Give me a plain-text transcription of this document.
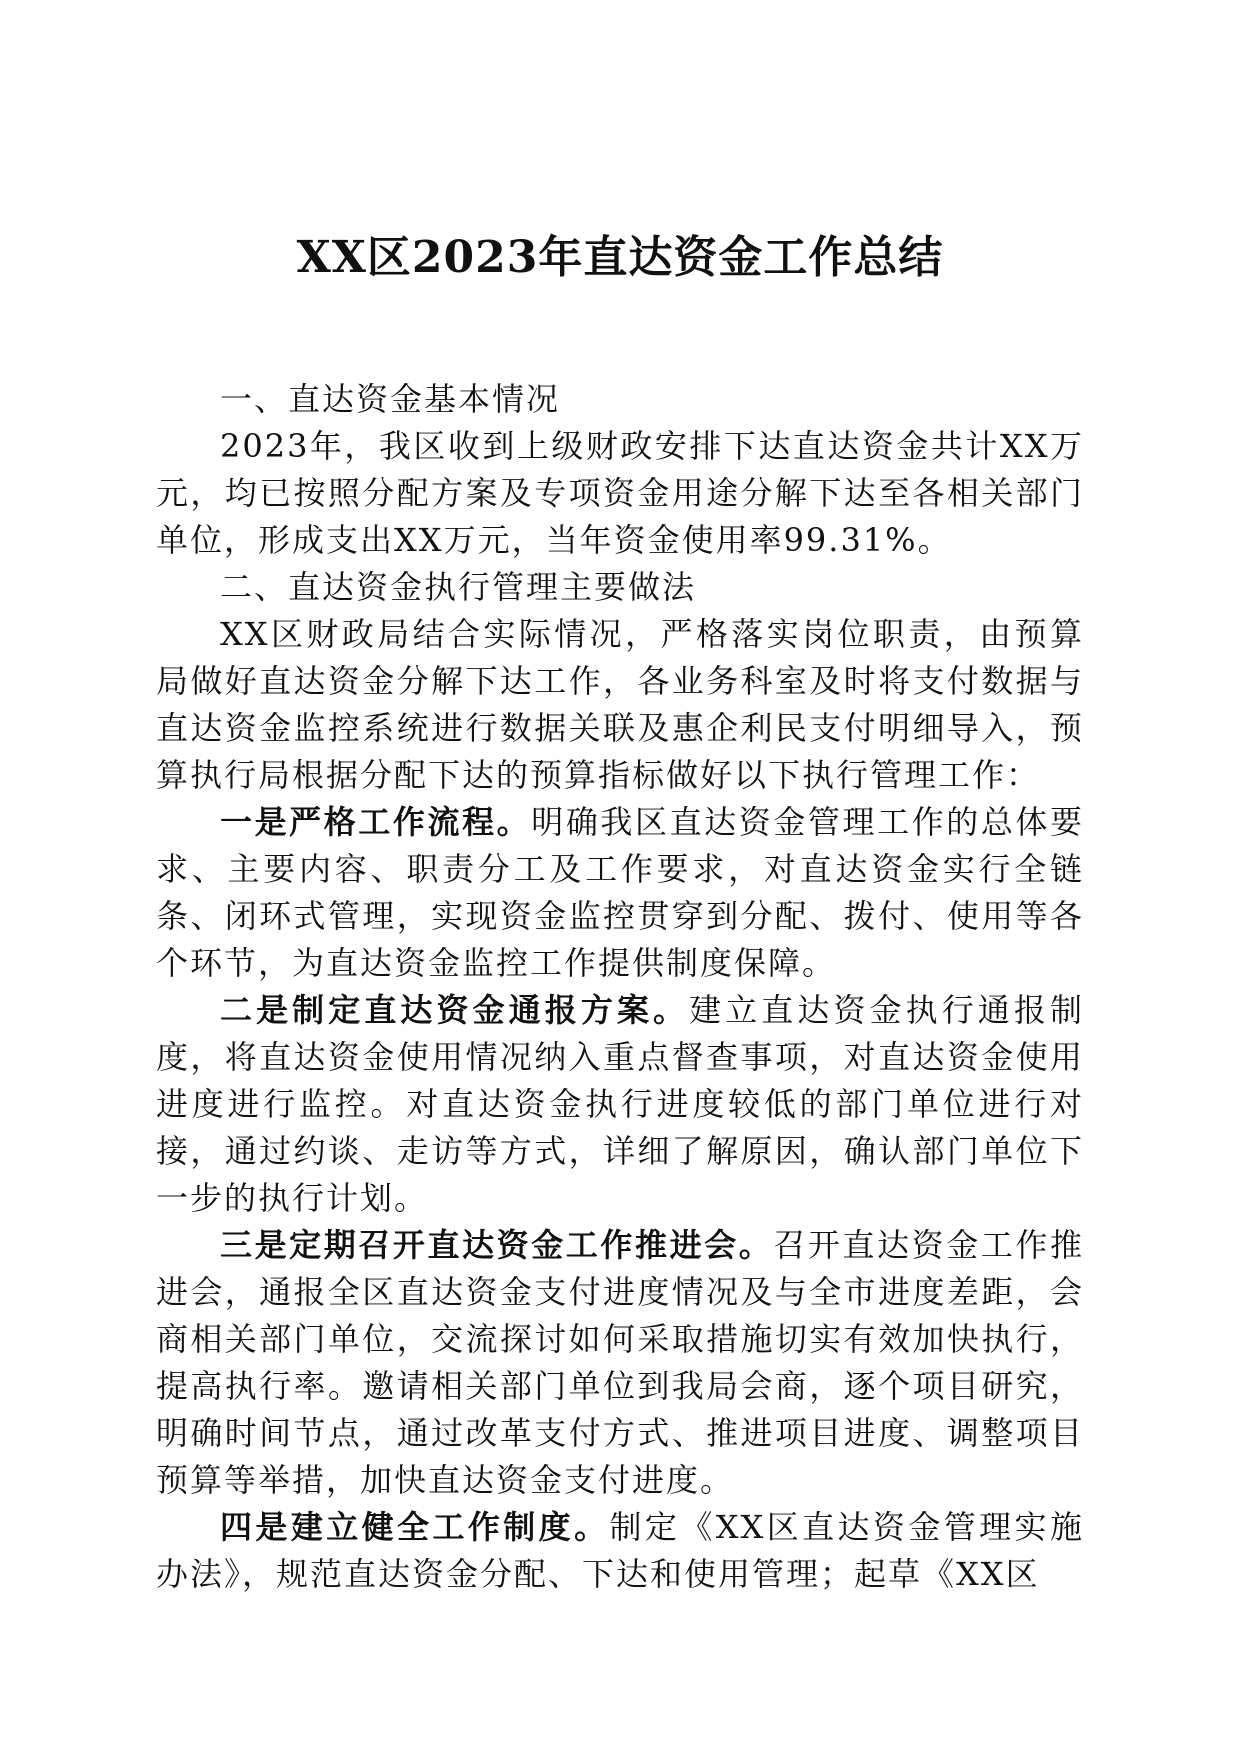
XX区2023年直达资金工作总结

一、直达资金基本情况

2023年，我区收到上级财政安排下达直达资金共计XX万元，均已按照分配方案及专项资金用途分解下达至各相关部门单位，形成支出XX万元，当年资金使用率99.31%。

二、直达资金执行管理主要做法

XX区财政局结合实际情况，严格落实岗位职责，由预算局做好直达资金分解下达工作，各业务科室及时将支付数据与直达资金监控系统进行数据关联及惠企利民支付明细导入，预算执行局根据分配下达的预算指标做好以下执行管理工作：

一是严格工作流程。明确我区直达资金管理工作的总体要求、主要内容、职责分工及工作要求，对直达资金实行全链条、闭环式管理，实现资金监控贯穿到分配、拨付、使用等各个环节，为直达资金监控工作提供制度保障。

二是制定直达资金通报方案。建立直达资金执行通报制度，将直达资金使用情况纳入重点督查事项，对直达资金使用进度进行监控。对直达资金执行进度较低的部门单位进行对接，通过约谈、走访等方式，详细了解原因，确认部门单位下一步的执行计划。

三是定期召开直达资金工作推进会。召开直达资金工作推进会，通报全区直达资金支付进度情况及与全市进度差距，会商相关部门单位，交流探讨如何采取措施切实有效加快执行，提高执行率。邀请相关部门单位到我局会商，逐个项目研究，明确时间节点，通过改革支付方式、推进项目进度、调整项目预算等举措，加快直达资金支付进度。

四是建立健全工作制度。制定《XX区直达资金管理实施办法》，规范直达资金分配、下达和使用管理；起草《XX区
